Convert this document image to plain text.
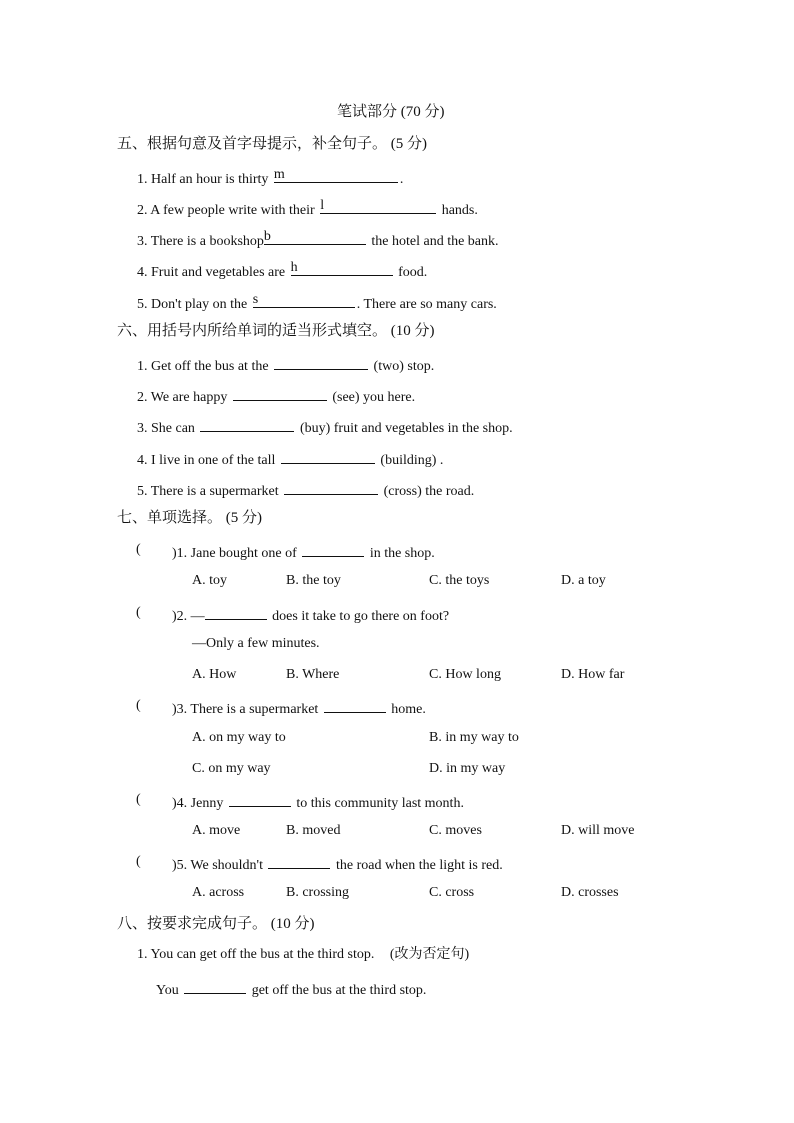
笔试部分 (70 分)
五、根据句意及首字母提示，补全句子。 (5 分)
1. Half an hour is thirty m	.
2. A few people write with their l	hands.
3. There is a bookshop b	the hotel and the bank.
4. Fruit and vegetables are h	food.
5. Don't play on the s	. There are so many cars.
六、用括号内所给单词的适当形式填空。 (10 分)
1. Get off the bus at the	(two) stop.
2. We are happy	(see) you here.
3. She can	(buy) fruit and vegetables in the shop.
4. I live in one of the tall	(building) .
5. There is a supermarket	(cross) the road.
七、单项选择。 (5 分)
( )1. Jane bought one of	in the shop.
A. toy	B. the toy	C. the toys	D. a toy
( )2. —	does it take to go there on foot?
—Only a few minutes.
A. How	B. Where	C. How long	D. How far
( )3. There is a supermarket	home.
A. on my way to	B. in my way to
C. on my way	D. in my way
( )4. Jenny	to this community last month.
A. move	B. moved	C. moves	D. will move
( )5. We shouldn't	the road when the light is red.
A. across	B. crossing	C. cross	D. crosses
八、按要求完成句子。 (10 分)
1. You can get off the bus at the third stop. (改为否定句)
You	get off the bus at the third stop.
